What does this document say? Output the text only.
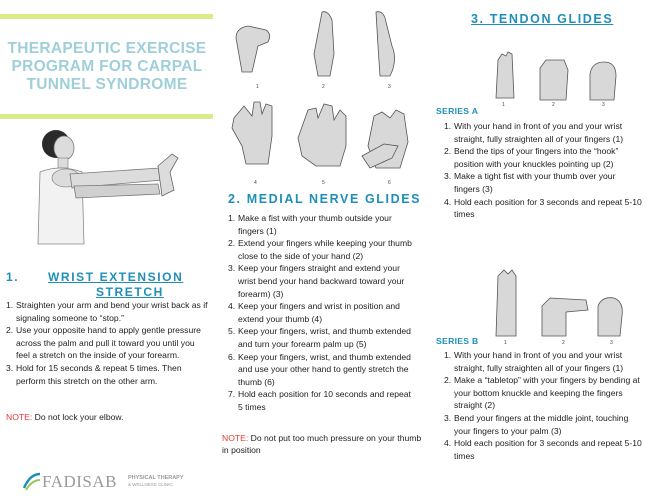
THERAPEUTIC EXERCISE PROGRAM FOR CARPAL TUNNEL SYNDROME
1. WRIST EXTENSION
STRETCH
1. Straighten your arm and bend your wrist back as if signaling someone to “stop.”
2. Use your opposite hand to apply gentle pressure across the palm and pull it toward you until you feel a stretch on the inside of your forearm.
3. Hold for 15 seconds & repeat 5 times. Then perform this stretch on the other arm.
NOTE: Do not lock your elbow.
FADISAB PHYSICAL THERAPY
& WELLNESS CLINIC
1	2	3
4	5	6
2. MEDIAL NERVE GLIDES
1. Make a fist with your thumb outside your fingers (1)
2. Extend your fingers while keeping your thumb close to the side of your hand (2)
3. Keep your fingers straight and extend your wrist bend your hand backward toward your forearm) (3)
4. Keep your fingers and wrist in position and extend your thumb (4)
5. Keep your fingers, wrist, and thumb extended and turn your forearm palm up (5)
6. Keep your fingers, wrist, and thumb extended and use your other hand to gently stretch the thumb (6)
7. Hold each position for 10 seconds and repeat 5 times
NOTE: Do not put too much pressure on your thumb in position
3. TENDON GLIDES
1	2	3
SERIES A
1. With your hand in front of you and your wrist straight, fully straighten all of your fingers (1)
2. Bend the tips of your fingers into the “hook” position with your knuckles pointing up (2)
3. Make a tight fist with your thumb over your fingers (3)
4. Hold each position for 3 seconds and repeat 5-10 times
1	2	3
SERIES B
1. With your hand in front of you and your wrist straight, fully straighten all of your fingers (1)
2. Make a “tabletop” with your fingers by bending at your bottom knuckle and keeping the fingers straight (2)
3. Bend your fingers at the middle joint, touching your fingers to your palm (3)
4. Hold each position for 3 seconds and repeat 5-10 times
